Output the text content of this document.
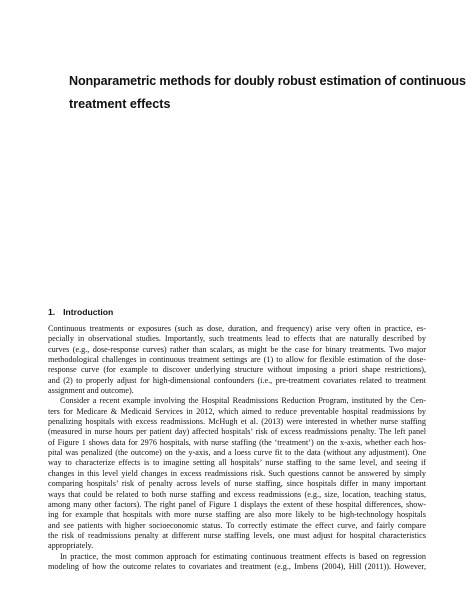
Nonparametric methods for doubly robust estimation of continuous
treatment effects
1. Introduction
Continuous treatments or exposures (such as dose, duration, and frequency) arise very often in practice, es-
pecially in observational studies. Importantly, such treatments lead to effects that are naturally described by
curves (e.g., dose-response curves) rather than scalars, as might be the case for binary treatments. Two major
methodological challenges in continuous treatment settings are (1) to allow for flexible estimation of the dose-
response curve (for example to discover underlying structure without imposing a priori shape restrictions),
and (2) to properly adjust for high-dimensional confounders (i.e., pre-treatment covariates related to treatment
assignment and outcome).
Consider a recent example involving the Hospital Readmissions Reduction Program, instituted by the Cen-
ters for Medicare & Medicaid Services in 2012, which aimed to reduce preventable hospital readmissions by
penalizing hospitals with excess readmissions. McHugh et al. (2013) were interested in whether nurse staffing
(measured in nurse hours per patient day) affected hospitals’ risk of excess readmissions penalty. The left panel
of Figure 1 shows data for 2976 hospitals, with nurse staffing (the ‘treatment’) on the x-axis, whether each hos-
pital was penalized (the outcome) on the y-axis, and a loess curve fit to the data (without any adjustment). One
way to characterize effects is to imagine setting all hospitals’ nurse staffing to the same level, and seeing if
changes in this level yield changes in excess readmissions risk. Such questions cannot be answered by simply
comparing hospitals’ risk of penalty across levels of nurse staffing, since hospitals differ in many important
ways that could be related to both nurse staffing and excess readmissions (e.g., size, location, teaching status,
among many other factors). The right panel of Figure 1 displays the extent of these hospital differences, show-
ing for example that hospitals with more nurse staffing are also more likely to be high-technology hospitals
and see patients with higher socioeconomic status. To correctly estimate the effect curve, and fairly compare
the risk of readmissions penalty at different nurse staffing levels, one must adjust for hospital characteristics
appropriately.
In practice, the most common approach for estimating continuous treatment effects is based on regression
modeling of how the outcome relates to covariates and treatment (e.g., Imbens (2004), Hill (2011)). However,
